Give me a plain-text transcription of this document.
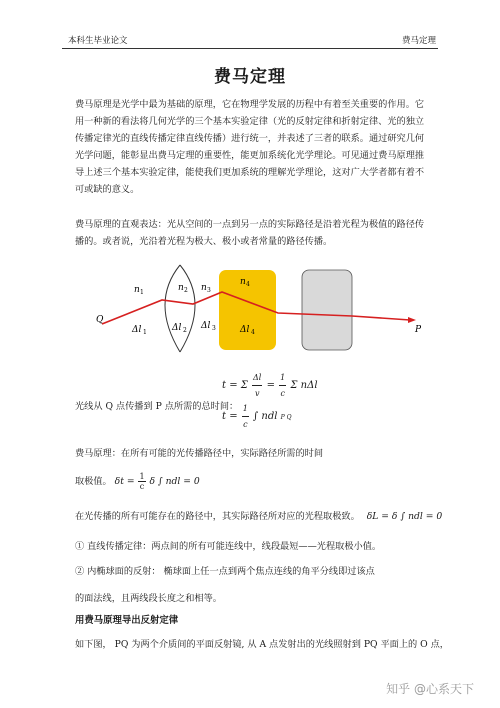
本科生毕业论文	费马定理
费马定理
费马原理是光学中最为基础的原理，它在物理学发展的历程中有着至关重要的作用。它用一种新的看法将几何光学的三个基本实验定律（光的反射定律和折射定律、光的独立传播定律光的直线传播定律直线传播）进行统一，并表述了三者的联系。通过研究几何光学问题，能彰显出费马定理的重要性，能更加系统化光学理论。可见通过费马原理推导上述三个基本实验定律，能使我们更加系统的理解光学理论，这对广大学者都有着不可或缺的意义。
费马原理的直观表达：光从空间的一点到另一点的实际路径是沿着光程为极值的路径传播的。或者说，光沿着光程为极大、极小或者常量的路径传播。
Q
P
n 1	n 2 n 3
n 4
Δl 1	Δl 2 Δl 3	Δl 4
光线从 Q 点传播到 P 点所需的总时间：
t = Σ $\frac{\Delta l}{v} = \frac{1}{c}$ Σ nΔl
$t = \frac{1}{c}$ ∫ ndl P Q
费马原理：在所有可能的光传播路径中，实际路径所需的时间
取极值。 $\delta t = \frac{1}{c}$ δ ∫ ndl = 0
在光传播的所有可能存在的路径中，其实际路径所对应的光程取极致。 δL = δ ∫ ndl = 0
① 直线传播定律：两点间的所有可能连线中，线段最短——光程取极小值。
② 内椭球面的反射： 椭球面上任一点到两个焦点连线的角平分线即过该点
的面法线，且两线段长度之和相等。
用费马原理导出反射定律
如下图， PQ 为两个介质间的平面反射镜, 从 A 点发射出的光线照射到 PQ 平面上的 O 点，
知乎 @心系天下
